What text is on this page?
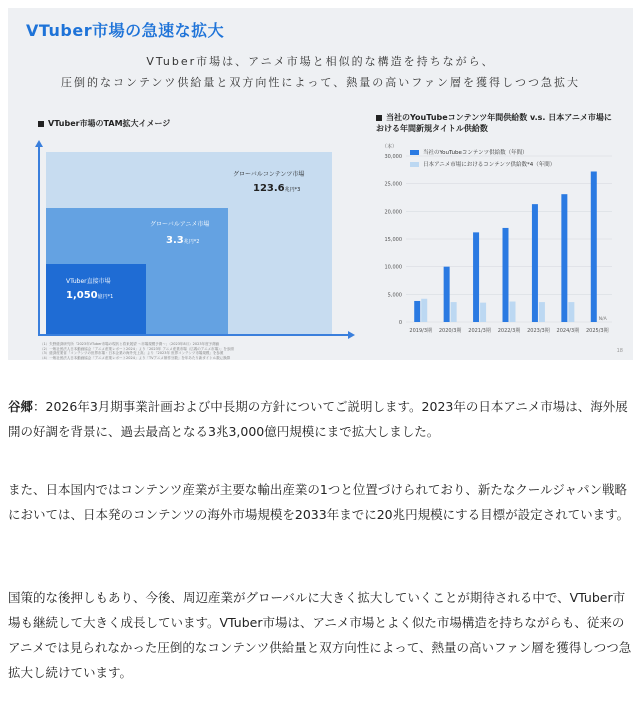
VTuber市場の急速な拡大
VTuber市場は、アニメ市場と相似的な構造を持ちながら、
圧倒的なコンテンツ供給量と双方向性によって、熱量の高いファン層を獲得しつつ急拡大
VTuber市場のTAM拡大イメージ
グローバルコンテンツ市場
123.6兆円*3
グローバルアニメ市場
3.3兆円*2
VTuber直接市場
1,050億円*1
（1）矢野経済研究所「2023年VTuber市場の現状と将来展望 ～市場規模予測～」（2023年8月）2023年度予測値
（2）一般社団法人日本動画協会「アニメ産業レポート2024」より「2023年 アニメ産業市場（広義のアニメ市場）」を参照
（3）経済産業省「コンテンツの世界市場・日本企業の海外売上高」より「2023年 世界コンテンツ市場規模」を参照
（4）一般社団法人日本動画協会「アニメ産業レポート2024」より「TVアニメ制作分数」を年あたり新タイトル数に換算
当社のYouTubeコンテンツ年間供給数 v.s. 日本アニメ市場における年間新規タイトル供給数
（本）
30,000
25,000
20,000
15,000
10,000
5,000
0
2019/3期 2020/3期 2021/3期 2022/3期 2023/3期 2024/3期
N/A
2025/3期
当社のYouTubeコンテンツ供給数（年間）
日本アニメ市場におけるコンテンツ供給数*4（年間）
18
谷郷：2026年3月期事業計画および中長期の方針についてご説明します。2023年の日本アニメ市場は、海外展開の好調を背景に、過去最高となる3兆3,000億円規模にまで拡大しました。
また、日本国内ではコンテンツ産業が主要な輸出産業の1つと位置づけられており、新たなクールジャパン戦略においては、日本発のコンテンツの海外市場規模を2033年までに20兆円規模にする目標が設定されています。
国策的な後押しもあり、今後、周辺産業がグローバルに大きく拡大していくことが期待される中で、VTuber市場も継続して大きく成長しています。VTuber市場は、アニメ市場とよく似た市場構造を持ちながらも、従来のアニメでは見られなかった圧倒的なコンテンツ供給量と双方向性によって、熱量の高いファン層を獲得しつつ急拡大し続けています。
